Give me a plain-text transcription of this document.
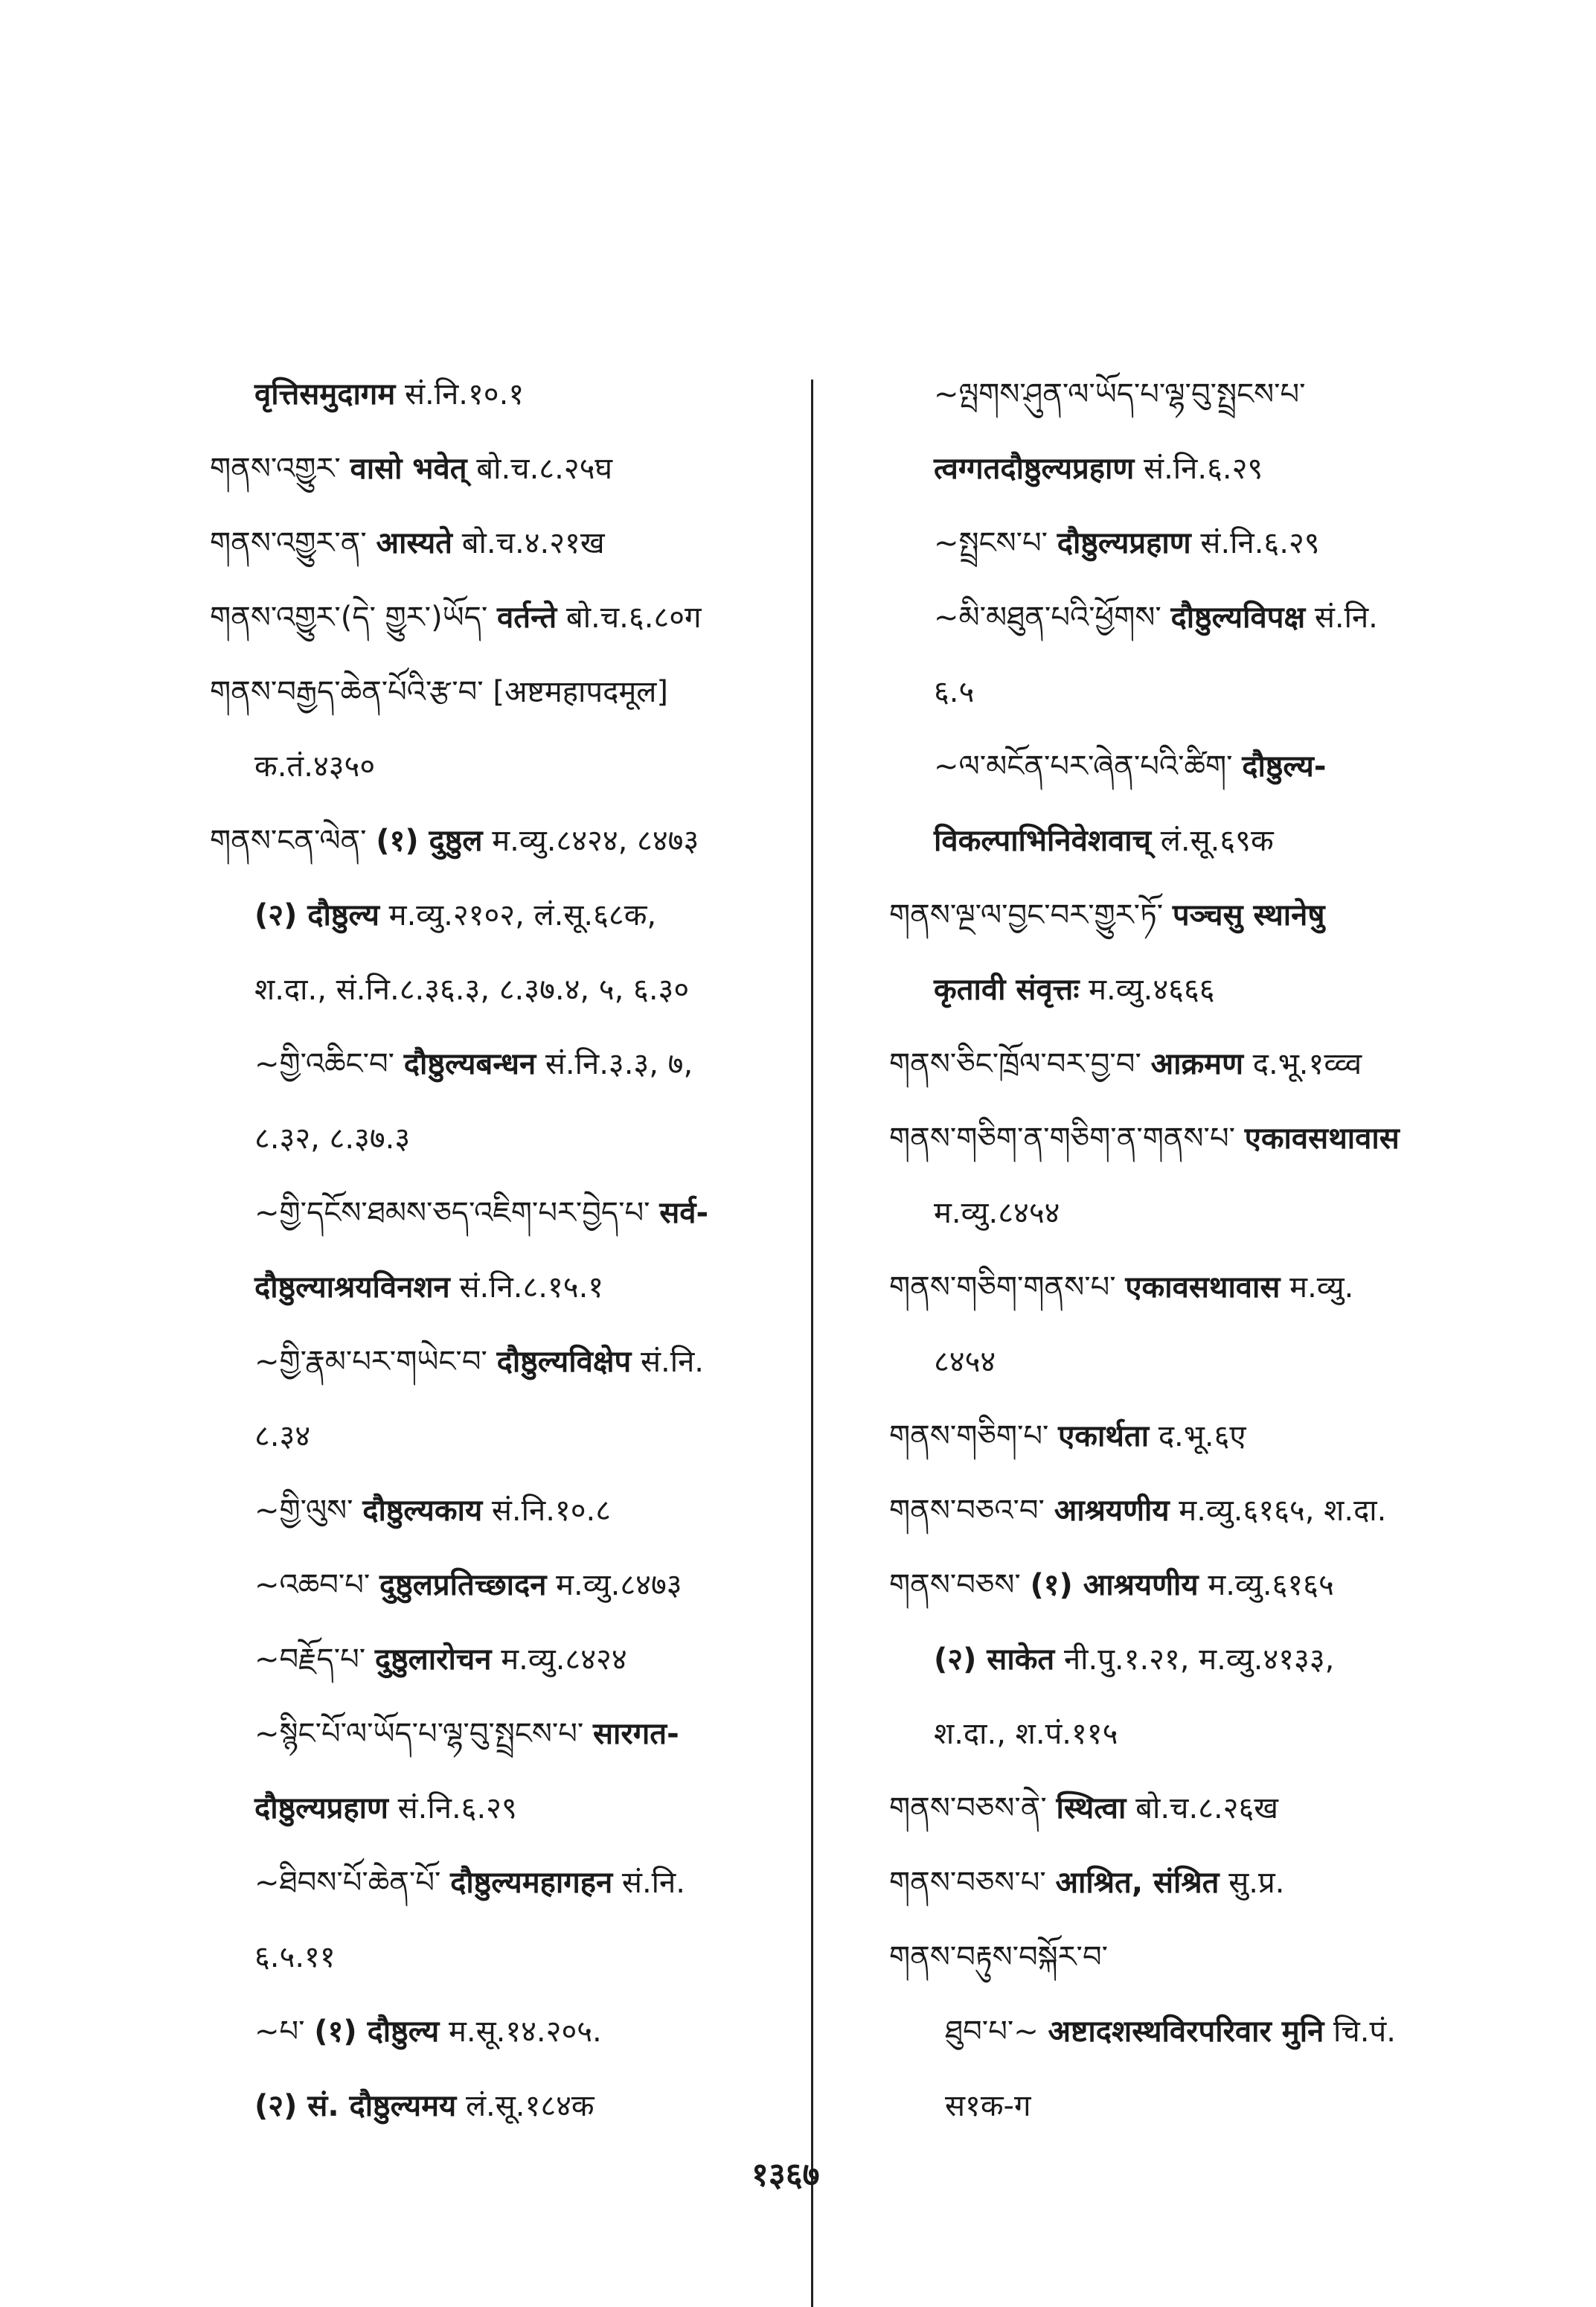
वृत्तिसमुदागम सं.नि.१०.१
གནས་འགྱུར་ वासो भवेत् बो.च.८.२५घ
གནས་འགྱུར་ན་ आस्यते बो.च.४.२१ख
གནས་འགྱུར་(དེ་ གྱུར་)ཡོད་ वर्तन्ते बो.च.६.८०ग
གནས་བརྒྱད་ཆེན་པོའི་རྩ་བ་ [अष्टमहापदमूल]
क.तं.४३५०
གནས་ངན་ལེན་ (१) दुष्ठुल म.व्यु.८४२४, ८४७३
(२) दौष्ठुल्य म.व्यु.२१०२, लं.सू.६८क,
श.दा., सं.नि.८.३६.३, ८.३७.४, ५, ६.३०
~གྱི་འཆིང་བ་ दौष्ठुल्यबन्धन सं.नि.३.३, ७,
८.३२, ८.३७.३
~གྱི་དངོས་ཐམས་ཅད་འཇིག་པར་བྱེད་པ་ सर्व-
दौष्ठुल्याश्रयविनशन सं.नि.८.१५.१
~གྱི་རྣམ་པར་གཡེང་བ་ दौष्ठुल्यविक्षेप सं.नि.
८.३४
~གྱི་ལུས་ दौष्ठुल्यकाय सं.नि.१०.८
~འཆབ་པ་ दुष्ठुलप्रतिच्छादन म.व्यु.८४७३
~བརྗོད་པ་ दुष्ठुलारोचन म.व्यु.८४२४
~སྙིང་པོ་ལ་ཡོད་པ་ལྷ་བུ་སྤྲངས་པ་ सारगत-
दौष्ठुल्यप्रहाण सं.नि.६.२९
~ཐིབས་པོ་ཆེན་པོ་ दौष्ठुल्यमहागहन सं.नि.
६.५.११
~པ་ (१) दौष्ठुल्य म.सू.१४.२०५.
(२) सं. दौष्ठुल्यमय लं.सू.१८४क
~ལྤགས་ཤུན་ལ་ཡོད་པ་ལྷ་བུ་སྤྲངས་པ་
त्वग्गतदौष्ठुल्यप्रहाण सं.नि.६.२९
~སྤྲངས་པ་ दौष्ठुल्यप्रहाण सं.नि.६.२९
~མི་མཐུན་པའི་ཕྱོགས་ दौष्ठुल्यविपक्ष सं.नि.
६.५
~ལ་མངོན་པར་ཞེན་པའི་ཚིག་ दौष्ठुल्य-
विकल्पाभिनिवेशवाच् लं.सू.६९क
གནས་ལྔ་ལ་བྱང་བར་གྱུར་ཏོ་ पञ्चसु स्थानेषु
कृतावी संवृत्तः म.व्यु.४६६६
གནས་ཅིང་ཁྲོལ་བར་བྱ་བ་ आक्रमण द.भू.१व्व्व
གནས་གཅིག་ན་གཅིག་ན་གནས་པ་ एकावसथावास
म.व्यु.८४५४
གནས་གཅིག་གནས་པ་ एकावसथावास म.व्यु.
८४५४
གནས་གཅིག་པ་ एकार्थता द.भू.६ए
གནས་བཅའ་བ་ आश्रयणीय म.व्यु.६१६५, श.दा.
གནས་བཅས་ (१) आश्रयणीय म.व्यु.६१६५
(२) साकेत नी.पु.१.२१, म.व्यु.४१३३,
श.दा., श.पं.११५
གནས་བཅས་ནེ་ स्थित्वा बो.च.८.२६ख
གནས་བཅས་པ་ आश्रित, संश्रित सु.प्र.
གནས་བརྟུས་བསྐོར་བ་
ཐུབ་པ་~ अष्टादशस्थविरपरिवार मुनि चि.पं.
स१क-ग
१३६७
